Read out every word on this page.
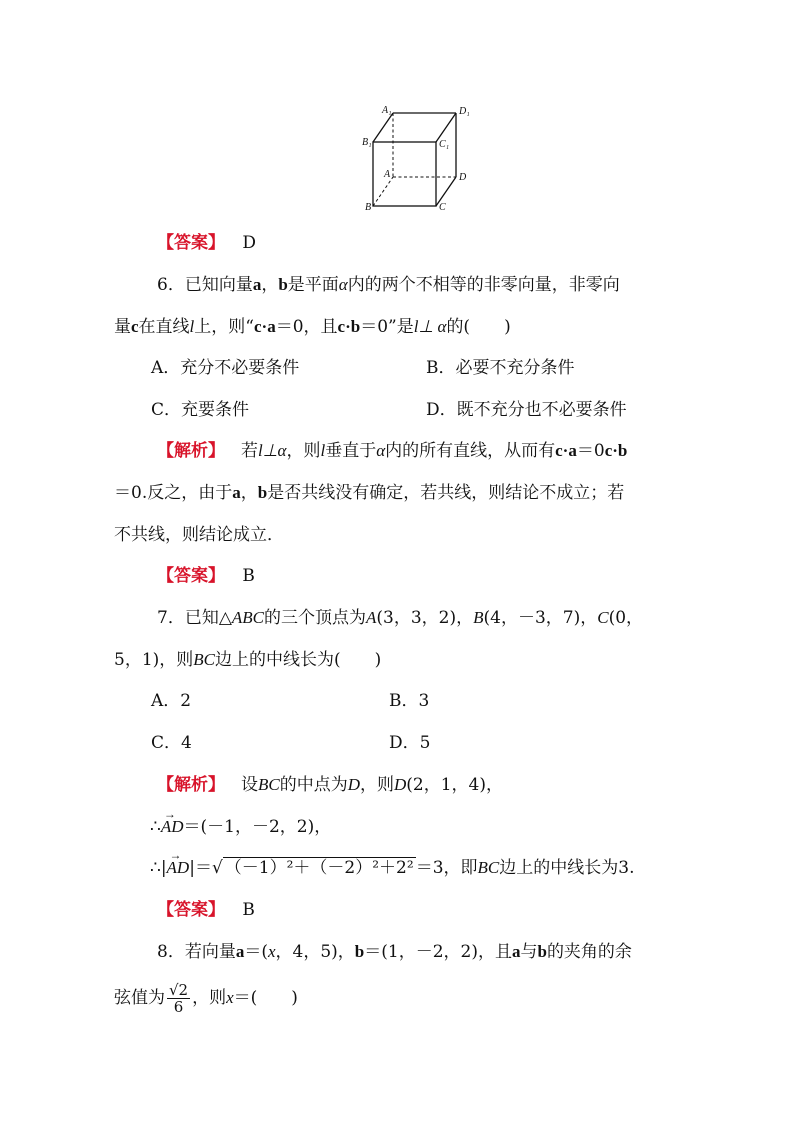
A₁	D₁
B₁	C₁
A	D
B	C
【答案】 D
6．已知向量a，b是平面α内的两个不相等的非零向量，非零向
量c在直线l上，则“c·a＝0，且c·b＝0”是l⊥ α的(　　)
A．充分不必要条件	B．必要不充分条件
C．充要条件	D．既不充分也不必要条件
【解析】 若l⊥α，则l垂直于α内的所有直线，从而有c·a＝0c·b
＝0.反之，由于a，b是否共线没有确定，若共线，则结论不成立；若
不共线，则结论成立．
【答案】 B
7．已知△ABC的三个顶点为A(3，3，2)，B(4，－3，7)，C(0，
5，1)，则BC边上的中线长为(　　)
A．2	B．3
C．4	D．5
【解析】 设BC的中点为D，则D(2，1，4)，
∴→ AD＝(－1，－2，2)，
∴|→ AD|＝√ （－1）²＋（－2）²＋2² ＝3，即BC边上的中线长为3.
【答案】 B
8．若向量a＝(x，4，5)，b＝(1，－2，2)，且a与b的夹角的余
弦值为 $\frac{√2}{6}$ ，则x＝(　　)
